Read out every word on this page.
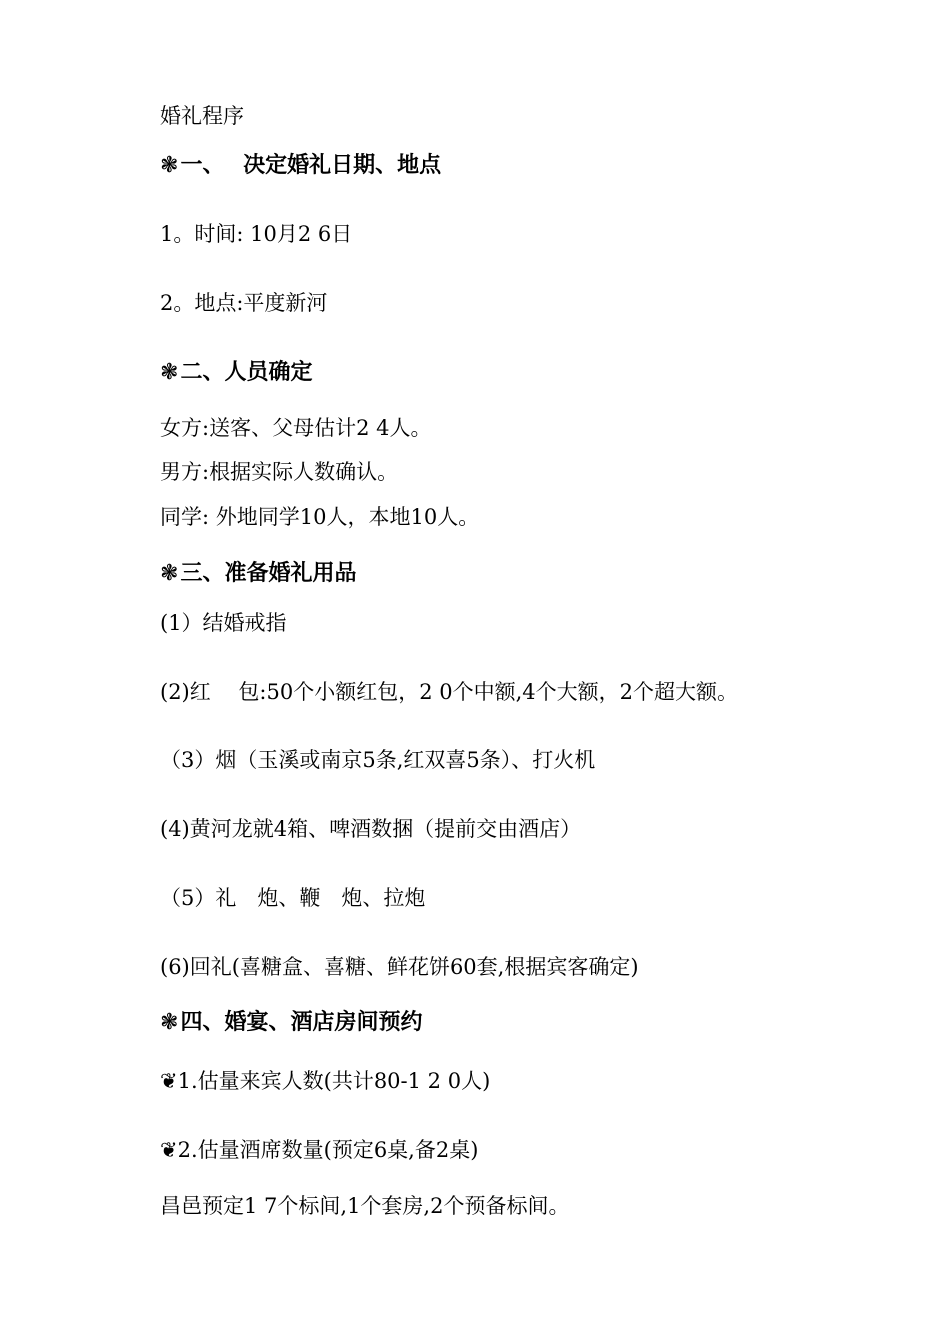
婚礼程序
❃一、　 决定婚礼日期、地点
1。时间: 10月2 6日
2。地点:平度新河
❃二、人员确定
女方:送客、父母估计2 4人。
男方:根据实际人数确认。
同学: 外地同学10人，本地10人。
❃三、准备婚礼用品
(1）结婚戒指
(2)红　 包:50个小额红包，2 0个中额,4个大额，2个超大额。
（3）烟（玉溪或南京5条,红双喜5条）、打火机
(4)黄河龙就4箱、啤酒数捆（提前交由酒店）
（5）礼　炮、鞭　炮、拉炮
(6)回礼(喜糖盒、喜糖、鲜花饼60套,根据宾客确定)
❃四、婚宴、酒店房间预约
❦1.估量来宾人数(共计80-1 2 0人)
❦2.估量酒席数量(预定6桌,备2桌)
昌邑预定1 7个标间,1个套房,2个预备标间。
